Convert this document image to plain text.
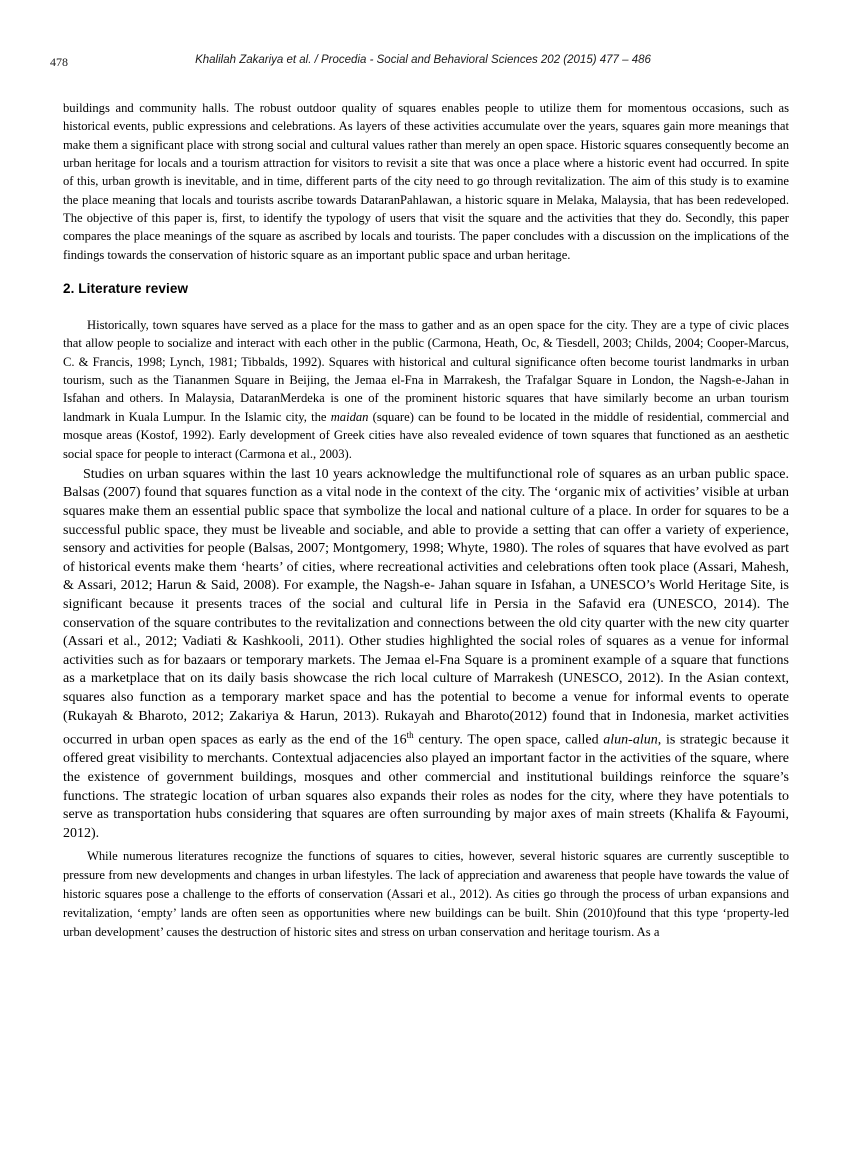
478	Khalilah Zakariya et al. / Procedia - Social and Behavioral Sciences 202 (2015) 477 – 486

buildings and community halls. The robust outdoor quality of squares enables people to utilize them for momentous occasions, such as historical events, public expressions and celebrations. As layers of these activities accumulate over the years, squares gain more meanings that make them a significant place with strong social and cultural values rather than merely an open space. Historic squares consequently become an urban heritage for locals and a tourism attraction for visitors to revisit a site that was once a place where a historic event had occurred. In spite of this, urban growth is inevitable, and in time, different parts of the city need to go through revitalization. The aim of this study is to examine the place meaning that locals and tourists ascribe towards DataranPahlawan, a historic square in Melaka, Malaysia, that has been redeveloped. The objective of this paper is, first, to identify the typology of users that visit the square and the activities that they do. Secondly, this paper compares the place meanings of the square as ascribed by locals and tourists. The paper concludes with a discussion on the implications of the findings towards the conservation of historic square as an important public space and urban heritage.

2. Literature review

Historically, town squares have served as a place for the mass to gather and as an open space for the city. They are a type of civic places that allow people to socialize and interact with each other in the public (Carmona, Heath, Oc, & Tiesdell, 2003; Childs, 2004; Cooper-Marcus, C. & Francis, 1998; Lynch, 1981; Tibbalds, 1992). Squares with historical and cultural significance often become tourist landmarks in urban tourism, such as the Tiananmen Square in Beijing, the Jemaa el-Fna in Marrakesh, the Trafalgar Square in London, the Nagsh-e-Jahan in Isfahan and others. In Malaysia, DataranMerdeka is one of the prominent historic squares that have similarly become an urban tourism landmark in Kuala Lumpur. In the Islamic city, the maidan (square) can be found to be located in the middle of residential, commercial and mosque areas (Kostof, 1992). Early development of Greek cities have also revealed evidence of town squares that functioned as an aesthetic social space for people to interact (Carmona et al., 2003).

Studies on urban squares within the last 10 years acknowledge the multifunctional role of squares as an urban public space. Balsas (2007) found that squares function as a vital node in the context of the city. The ‘organic mix of activities’ visible at urban squares make them an essential public space that symbolize the local and national culture of a place. In order for squares to be a successful public space, they must be liveable and sociable, and able to provide a setting that can offer a variety of experience, sensory and activities for people (Balsas, 2007; Montgomery, 1998; Whyte, 1980). The roles of squares that have evolved as part of historical events make them ‘hearts’ of cities, where recreational activities and celebrations often took place (Assari, Mahesh, & Assari, 2012; Harun & Said, 2008). For example, the Nagsh-e- Jahan square in Isfahan, a UNESCO’s World Heritage Site, is significant because it presents traces of the social and cultural life in Persia in the Safavid era (UNESCO, 2014). The conservation of the square contributes to the revitalization and connections between the old city quarter with the new city quarter (Assari et al., 2012; Vadiati & Kashkooli, 2011). Other studies highlighted the social roles of squares as a venue for informal activities such as for bazaars or temporary markets. The Jemaa el-Fna Square is a prominent example of a square that functions as a marketplace that on its daily basis showcase the rich local culture of Marrakesh (UNESCO, 2012). In the Asian context, squares also function as a temporary market space and has the potential to become a venue for informal events to operate (Rukayah & Bharoto, 2012; Zakariya & Harun, 2013). Rukayah and Bharoto(2012) found that in Indonesia, market activities occurred in urban open spaces as early as the end of the 16th century. The open space, called alun-alun, is strategic because it offered great visibility to merchants. Contextual adjacencies also played an important factor in the activities of the square, where the existence of government buildings, mosques and other commercial and institutional buildings reinforce the square’s functions. The strategic location of urban squares also expands their roles as nodes for the city, where they have potentials to serve as transportation hubs considering that squares are often surrounding by major axes of main streets (Khalifa & Fayoumi, 2012).

While numerous literatures recognize the functions of squares to cities, however, several historic squares are currently susceptible to pressure from new developments and changes in urban lifestyles. The lack of appreciation and awareness that people have towards the value of historic squares pose a challenge to the efforts of conservation (Assari et al., 2012). As cities go through the process of urban expansions and revitalization, ‘empty’ lands are often seen as opportunities where new buildings can be built. Shin (2010)found that this type ‘property-led urban development’ causes the destruction of historic sites and stress on urban conservation and heritage tourism. As a
